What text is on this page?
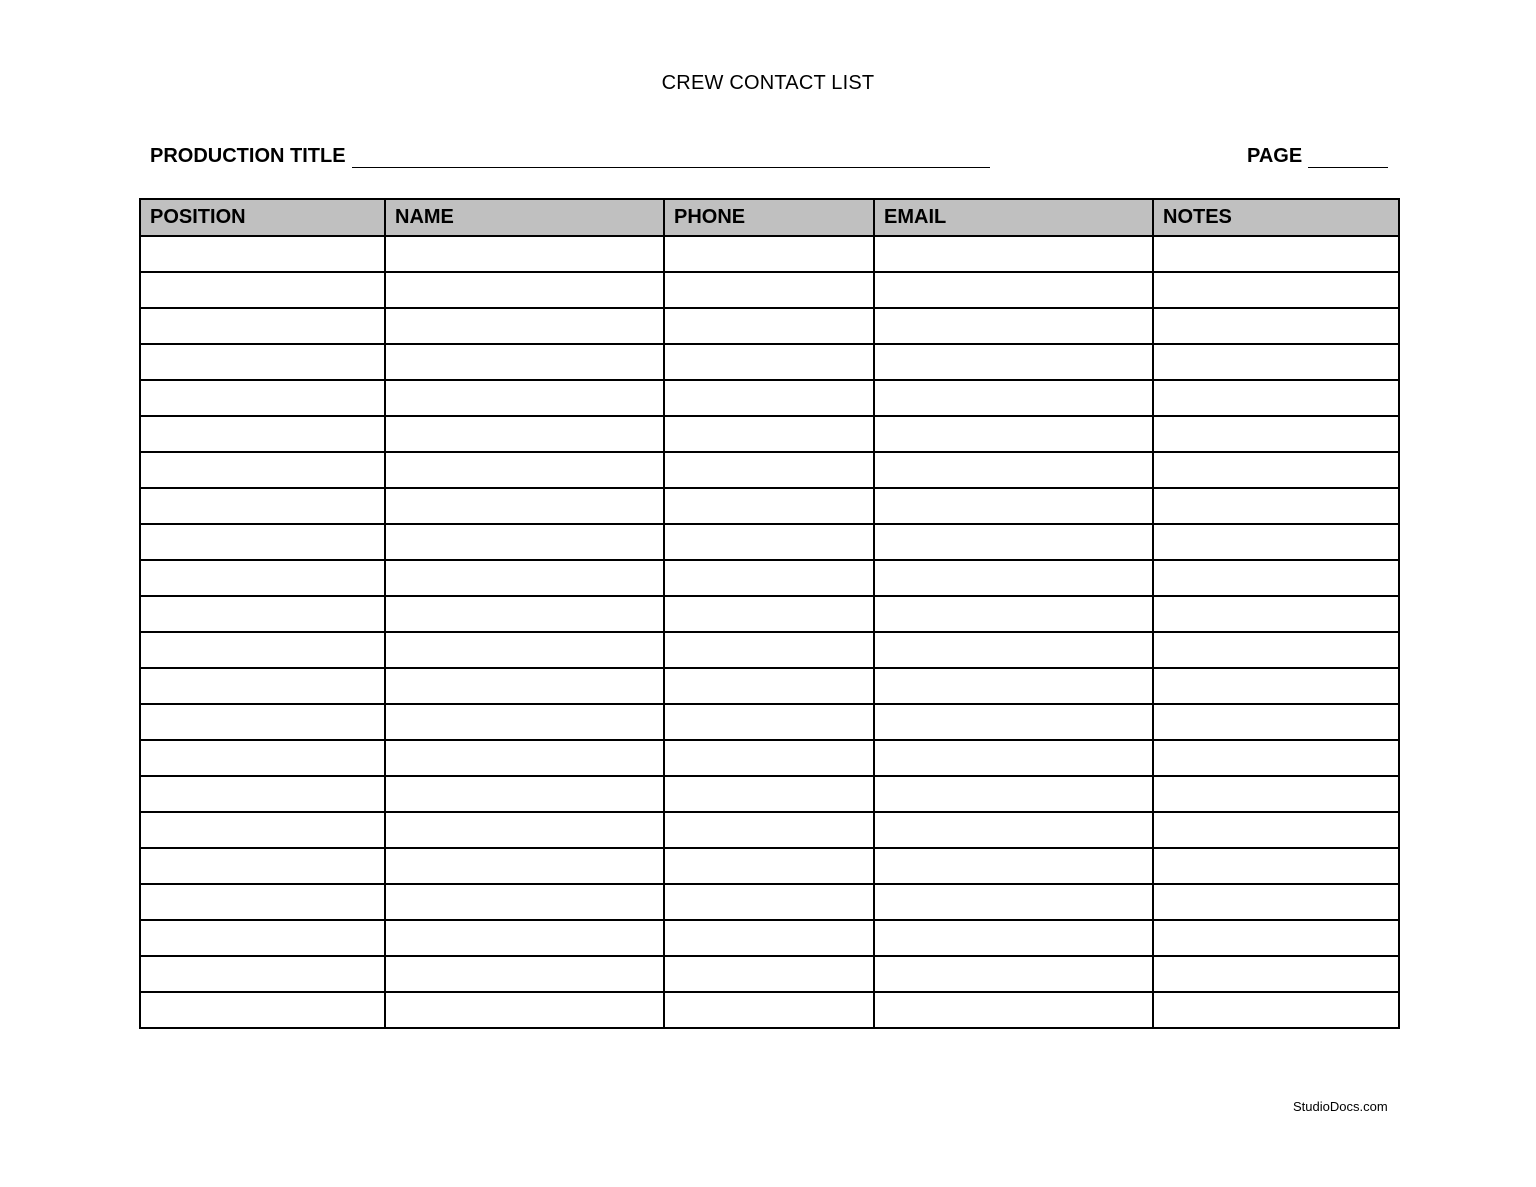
CREW CONTACT LIST
PRODUCTION TITLE	PAGE
POSITION	NAME	PHONE	EMAIL	NOTES

StudioDocs.com
